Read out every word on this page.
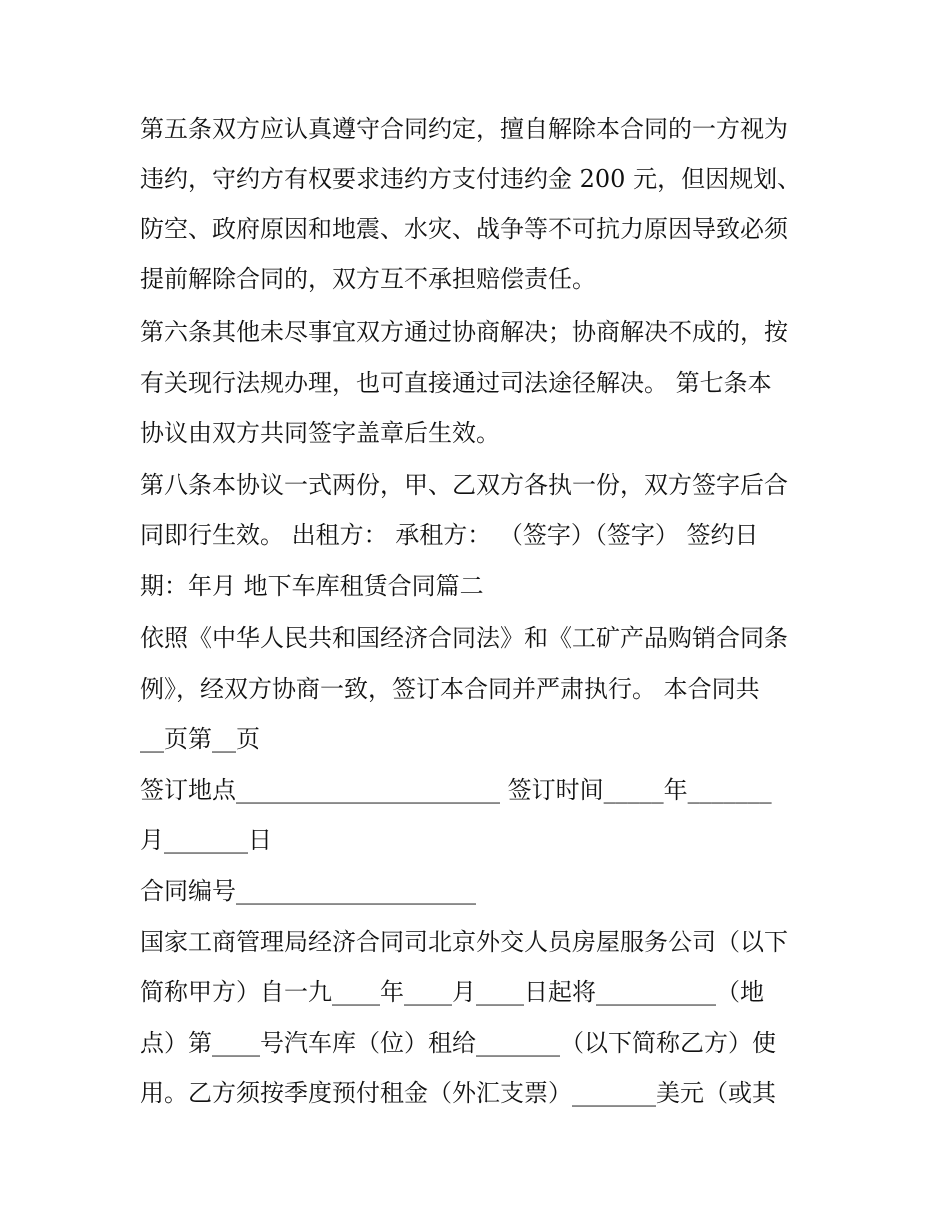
第五条双方应认真遵守合同约定，擅自解除本合同的一方视为
违约，守约方有权要求违约方支付违约金 200 元，但因规划、
防空、政府原因和地震、水灾、战争等不可抗力原因导致必须
提前解除合同的，双方互不承担赔偿责任。
第六条其他未尽事宜双方通过协商解决；协商解决不成的，按
有关现行法规办理，也可直接通过司法途径解决。 第七条本
协议由双方共同签字盖章后生效。
第八条本协议一式两份，甲、乙双方各执一份，双方签字后合
同即行生效。 出租方： 承租方： （签字）（签字） 签约日
期：年月 地下车库租赁合同篇二
依照《中华人民共和国经济合同法》和《工矿产品购销合同条
例》，经双方协商一致，签订本合同并严肃执行。 本合同共
__页第__页
签订地点______________________ 签订时间_____年_______
月_______日
合同编号____________________
国家工商管理局经济合同司北京外交人员房屋服务公司（以下
简称甲方）自一九____年____月____日起将__________（地
点）第____号汽车库（位）租给_______（以下简称乙方）使
用。乙方须按季度预付租金（外汇支票）_______美元（或其
